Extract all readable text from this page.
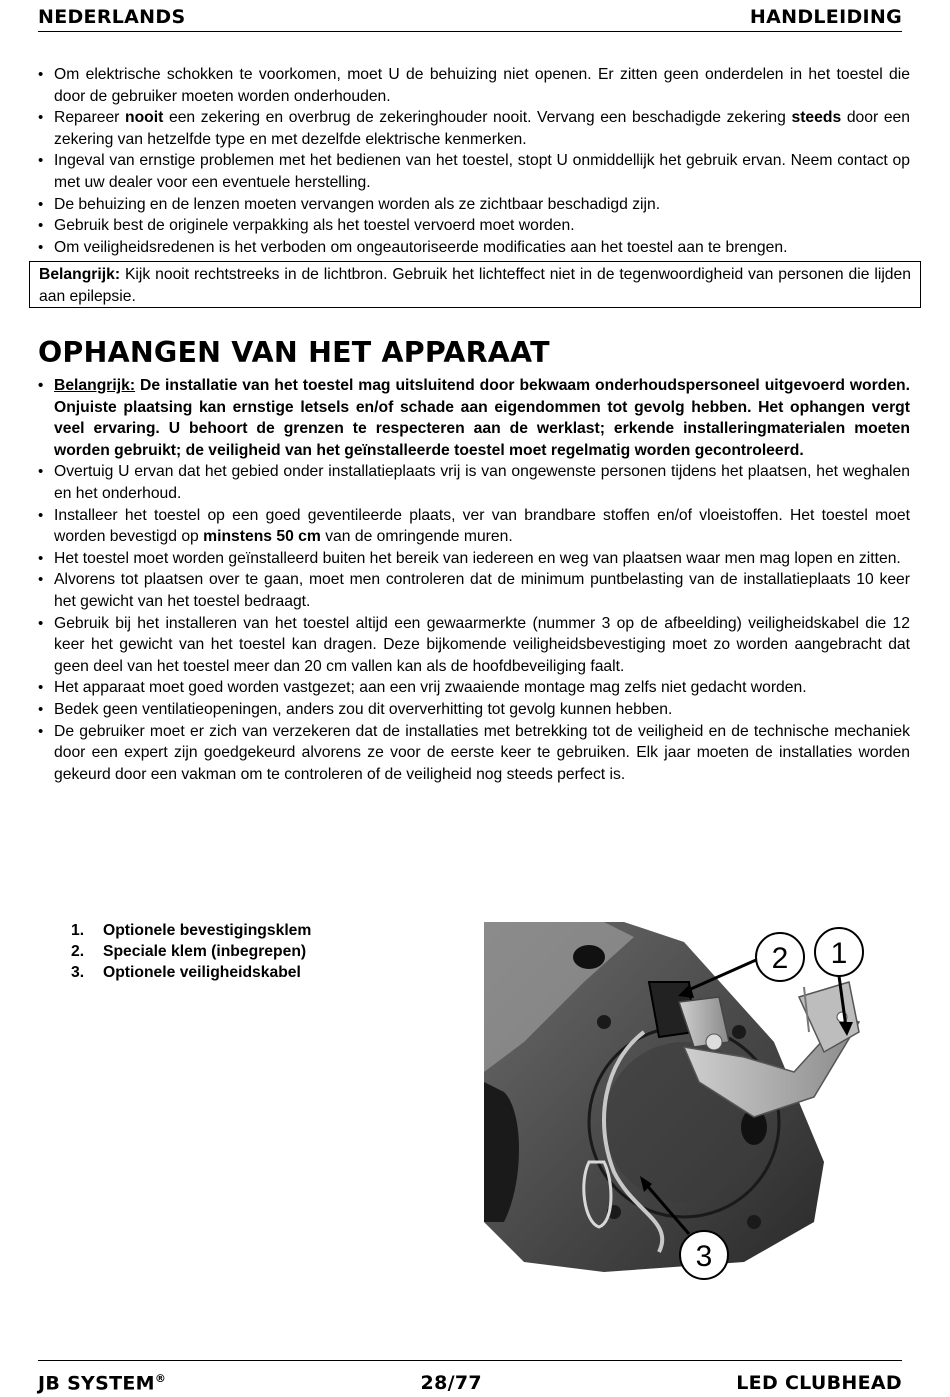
NEDERLANDS	HANDLEIDING
• Om elektrische schokken te voorkomen, moet U de behuizing niet openen. Er zitten geen onderdelen in het toestel die door de gebruiker moeten worden onderhouden.
• Repareer nooit een zekering en overbrug de zekeringhouder nooit. Vervang een beschadigde zekering steeds door een zekering van hetzelfde type en met dezelfde elektrische kenmerken.
• Ingeval van ernstige problemen met het bedienen van het toestel, stopt U onmiddellijk het gebruik ervan. Neem contact op met uw dealer voor een eventuele herstelling.
• De behuizing en de lenzen moeten vervangen worden als ze zichtbaar beschadigd zijn.
• Gebruik best de originele verpakking als het toestel vervoerd moet worden.
• Om veiligheidsredenen is het verboden om ongeautoriseerde modificaties aan het toestel aan te brengen.
Belangrijk: Kijk nooit rechtstreeks in de lichtbron. Gebruik het lichteffect niet in de tegenwoordigheid van personen die lijden aan epilepsie.
OPHANGEN VAN HET APPARAAT
• Belangrijk: De installatie van het toestel mag uitsluitend door bekwaam onderhoudspersoneel uitgevoerd worden. Onjuiste plaatsing kan ernstige letsels en/of schade aan eigendommen tot gevolg hebben. Het ophangen vergt veel ervaring. U behoort de grenzen te respecteren aan de werklast; erkende installeringmaterialen moeten worden gebruikt; de veiligheid van het geïnstalleerde toestel moet regelmatig worden gecontroleerd.
• Overtuig U ervan dat het gebied onder installatieplaats vrij is van ongewenste personen tijdens het plaatsen, het weghalen en het onderhoud.
• Installeer het toestel op een goed geventileerde plaats, ver van brandbare stoffen en/of vloeistoffen. Het toestel moet worden bevestigd op minstens 50 cm van de omringende muren.
• Het toestel moet worden geïnstalleerd buiten het bereik van iedereen en weg van plaatsen waar men mag lopen en zitten.
• Alvorens tot plaatsen over te gaan, moet men controleren dat de minimum puntbelasting van de installatieplaats 10 keer het gewicht van het toestel bedraagt.
• Gebruik bij het installeren van het toestel altijd een gewaarmerkte (nummer 3 op de afbeelding) veiligheidskabel die 12 keer het gewicht van het toestel kan dragen. Deze bijkomende veiligheidsbevestiging moet zo worden aangebracht dat geen deel van het toestel meer dan 20 cm vallen kan als de hoofdbeveiliging faalt.
• Het apparaat moet goed worden vastgezet; aan een vrij zwaaiende montage mag zelfs niet gedacht worden.
• Bedek geen ventilatieopeningen, anders zou dit oververhitting tot gevolg kunnen hebben.
• De gebruiker moet er zich van verzekeren dat de installaties met betrekking tot de veiligheid en de technische mechaniek door een expert zijn goedgekeurd alvorens ze voor de eerste keer te gebruiken. Elk jaar moeten de installaties worden gekeurd door een vakman om te controleren of de veiligheid nog steeds perfect is.
1.	Optionele bevestigingsklem
2.	Speciale klem (inbegrepen)
3.	Optionele veiligheidskabel
1
2
3
JB SYSTEM®	28/77	LED CLUBHEAD
